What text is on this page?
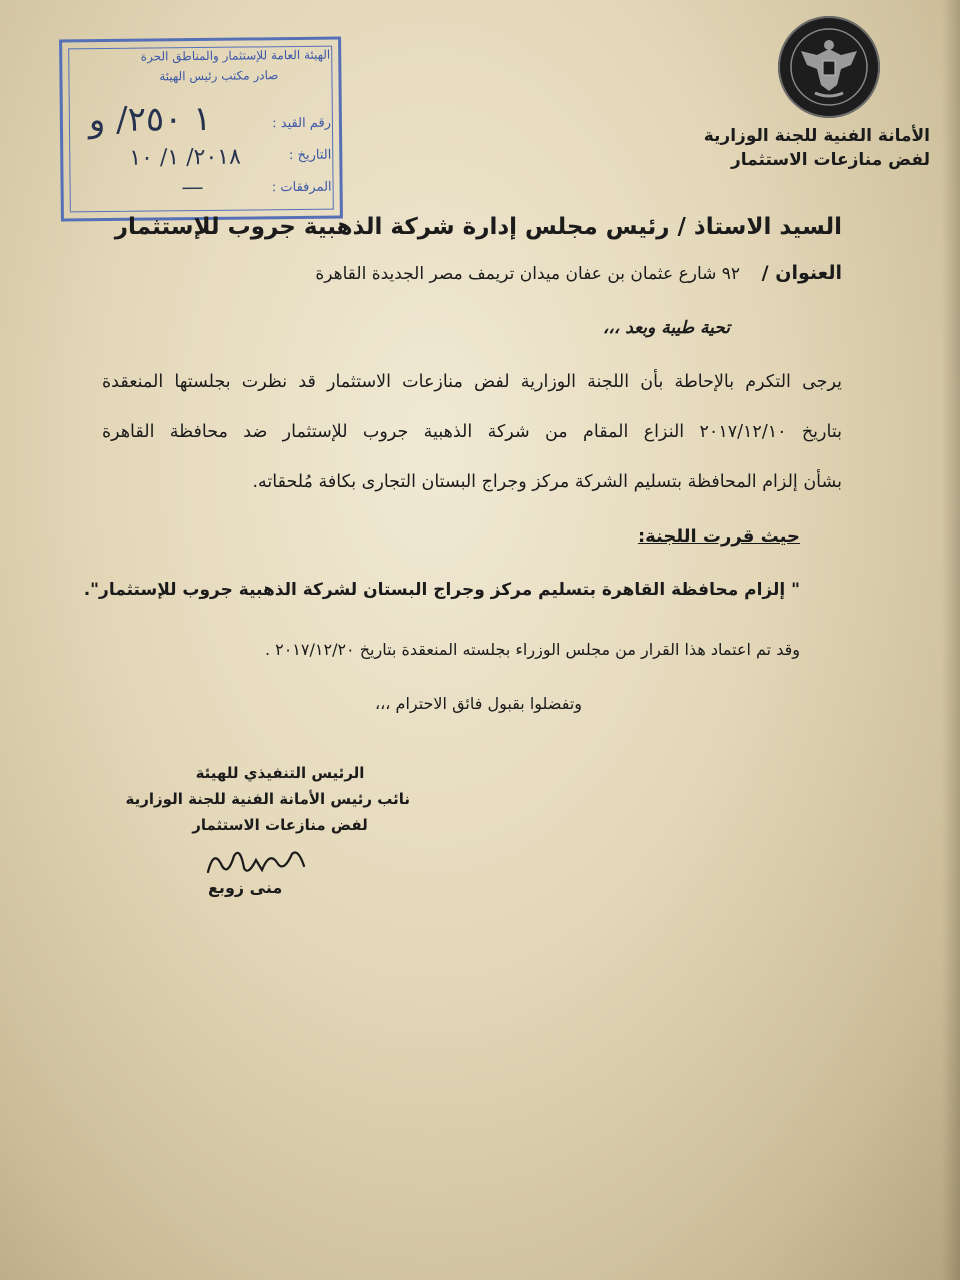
الأمانة الفنية للجنة الوزارية
لفض منازعات الاستثمار
الهيئة العامة للإستثمار والمناطق الحرة
صادر مكتب رئيس الهيئة
رقم القيد :
التاريخ :
المرفقات :
١ ٢٥٠/ و
٢٠١٨/ ١/ ١٠
—
السيد الاستاذ / رئيس مجلس إدارة شركة الذهبية جروب للإستثمار
العنوان /    ٩٢ شارع عثمان بن عفان ميدان تريمف مصر الجديدة القاهرة
تحية طيبة وبعد ،،،
يرجى التكرم بالإحاطة بأن اللجنة الوزارية لفض منازعات الاستثمار قد نظرت بجلستها المنعقدة
بتاريخ ٢٠١٧/١٢/١٠ النزاع المقام من شركة الذهبية جروب للإستثمار ضد محافظة القاهرة
بشأن إلزام المحافظة بتسليم الشركة مركز وجراج البستان التجارى بكافة مُلحقاته.
حيث قررت اللجنة:
" إلزام محافظة القاهرة بتسليم مركز وجراج البستان لشركة الذهبية جروب للإستثمار".
وقد تم اعتماد هذا القرار من مجلس الوزراء بجلسته المنعقدة بتاريخ ٢٠١٧/١٢/٢٠ .
وتفضلوا بقبول فائق الاحترام ،،،
الرئيس التنفيذي للهيئة
نائب رئيس الأمانة الفنية للجنة الوزارية
لفض منازعات الاستثمار
منى زوبع
